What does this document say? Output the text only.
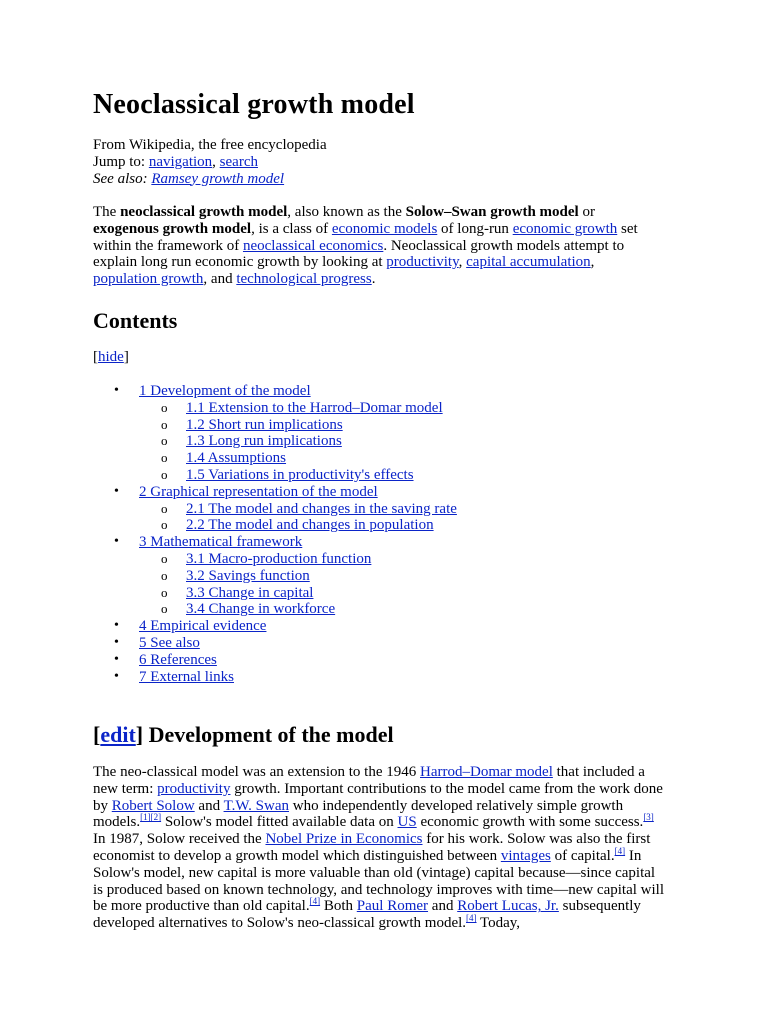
Neoclassical growth model
From Wikipedia, the free encyclopedia
Jump to: navigation, search
See also: Ramsey growth model
The neoclassical growth model, also known as the Solow–Swan growth model or exogenous growth model, is a class of economic models of long-run economic growth set within the framework of neoclassical economics. Neoclassical growth models attempt to explain long run economic growth by looking at productivity, capital accumulation, population growth, and technological progress.
Contents
[hide]
• 1 Development of the model
o 1.1 Extension to the Harrod–Domar model
o 1.2 Short run implications
o 1.3 Long run implications
o 1.4 Assumptions
o 1.5 Variations in productivity's effects
• 2 Graphical representation of the model
o 2.1 The model and changes in the saving rate
o 2.2 The model and changes in population
• 3 Mathematical framework
o 3.1 Macro-production function
o 3.2 Savings function
o 3.3 Change in capital
o 3.4 Change in workforce
• 4 Empirical evidence
• 5 See also
• 6 References
• 7 External links
[edit] Development of the model
The neo-classical model was an extension to the 1946 Harrod–Domar model that included a new term: productivity growth. Important contributions to the model came from the work done by Robert Solow and T.W. Swan who independently developed relatively simple growth models.[1][2] Solow's model fitted available data on US economic growth with some success.[3] In 1987, Solow received the Nobel Prize in Economics for his work. Solow was also the first economist to develop a growth model which distinguished between vintages of capital.[4] In Solow's model, new capital is more valuable than old (vintage) capital because—since capital is produced based on known technology, and technology improves with time—new capital will be more productive than old capital.[4] Both Paul Romer and Robert Lucas, Jr. subsequently developed alternatives to Solow's neo-classical growth model.[4] Today,
